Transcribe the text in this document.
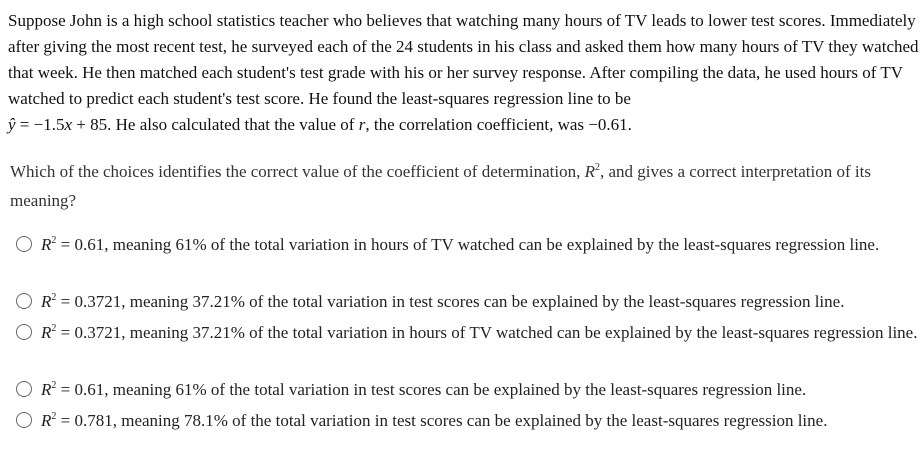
Suppose John is a high school statistics teacher who believes that watching many hours of TV leads to lower test scores. Immediately after giving the most recent test, he surveyed each of the 24 students in his class and asked them how many hours of TV they watched that week. He then matched each student's test grade with his or her survey response. After compiling the data, he used hours of TV watched to predict each student's test score. He found the least-squares regression line to be
ŷ = −1.5x + 85. He also calculated that the value of r, the correlation coefficient, was −0.61.

Which of the choices identifies the correct value of the coefficient of determination, $R^2$, and gives a correct interpretation of its meaning?

$R^2 = 0.61$, meaning 61% of the total variation in hours of TV watched can be explained by the least-squares regression line.
$R^2 = 0.3721$, meaning 37.21% of the total variation in test scores can be explained by the least-squares regression line.
$R^2 = 0.3721$, meaning 37.21% of the total variation in hours of TV watched can be explained by the least-squares regression line.
$R^2 = 0.61$, meaning 61% of the total variation in test scores can be explained by the least-squares regression line.
$R^2 = 0.781$, meaning 78.1% of the total variation in test scores can be explained by the least-squares regression line.
